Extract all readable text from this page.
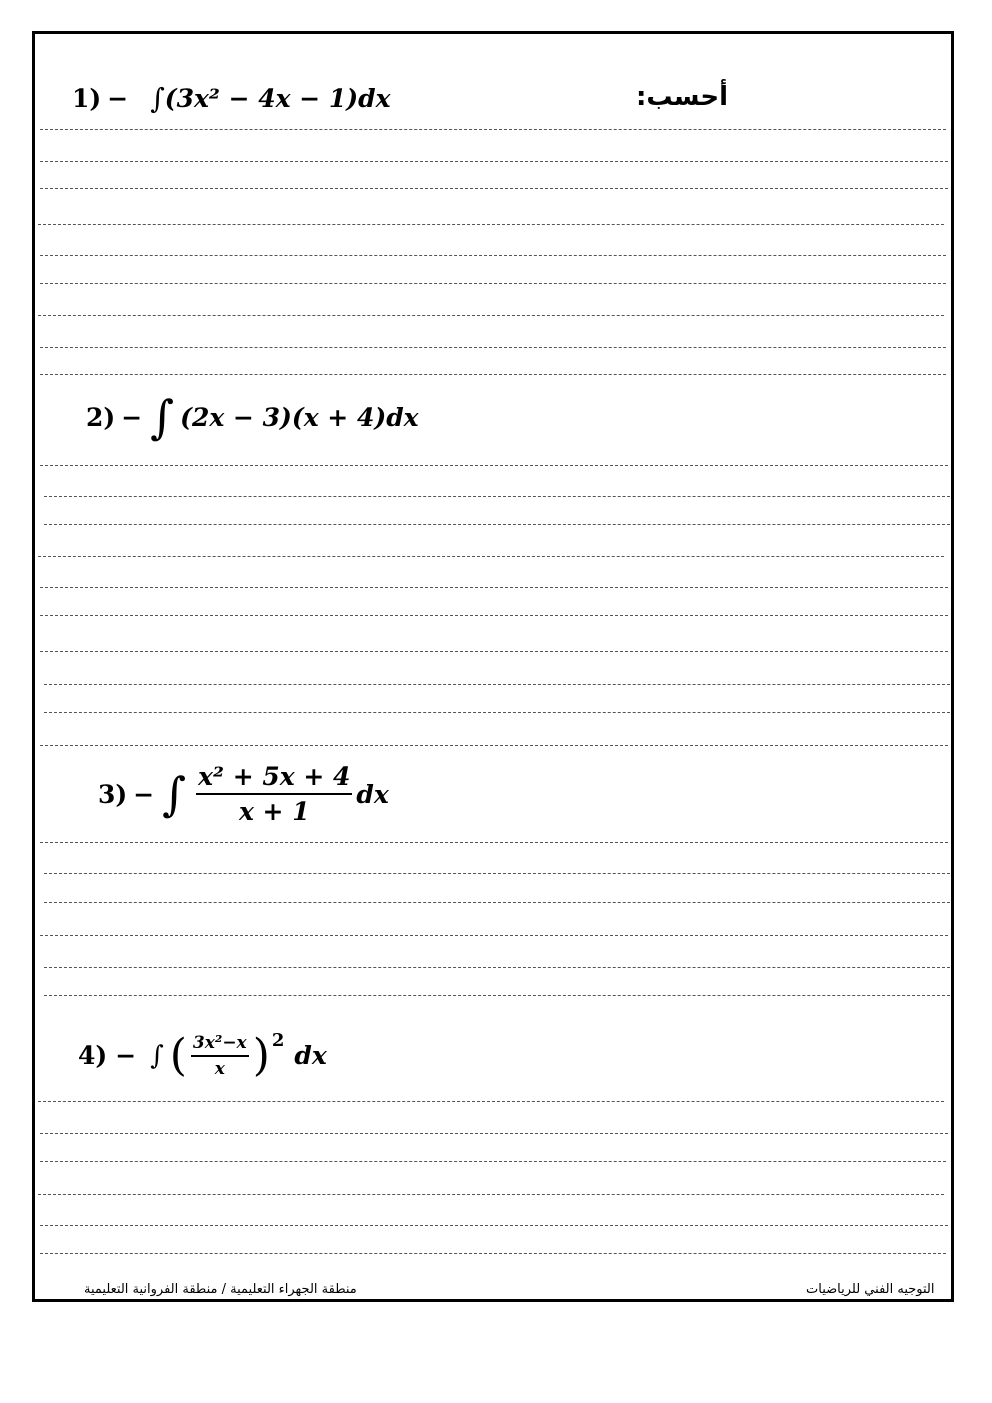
أحسب:
1) − ∫ (3x² − 4x − 1) dx
2) − ∫ (2x − 3)(x + 4) dx
3) − ∫ $\frac{\text{x² + 5x + 4}}{x + 1}$ dx
4) − ∫ ( $\frac{\text{3x²−x}}{x}$ ) 2
dx
منطقة الجهراء التعليمية / منطقة الفروانية التعليمية	التوجيه الفني للرياضيات
